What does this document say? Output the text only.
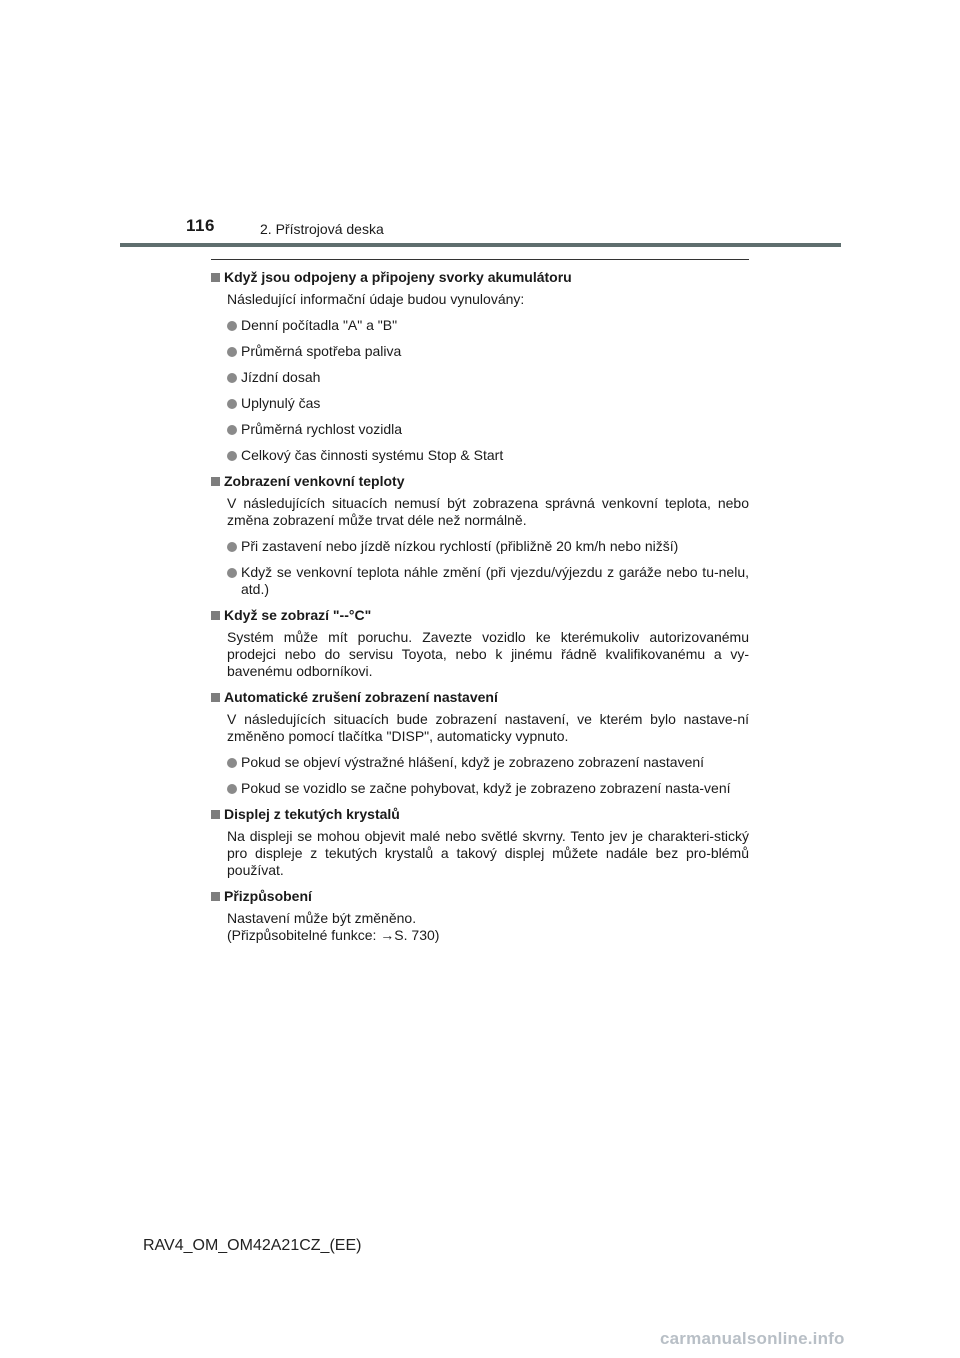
116	2. Přístrojová deska
Když jsou odpojeny a připojeny svorky akumulátoru
Následující informační údaje budou vynulovány:
Denní počítadla "A" a "B"
Průměrná spotřeba paliva
Jízdní dosah
Uplynulý čas
Průměrná rychlost vozidla
Celkový čas činnosti systému Stop & Start
Zobrazení venkovní teploty
V následujících situacích nemusí být zobrazena správná venkovní teplota, nebo změna zobrazení může trvat déle než normálně.
Při zastavení nebo jízdě nízkou rychlostí (přibližně 20 km/h nebo nižší)
Když se venkovní teplota náhle změní (při vjezdu/výjezdu z garáže nebo tu-nelu, atd.)
Když se zobrazí "--°C"
Systém může mít poruchu. Zavezte vozidlo ke kterémukoliv autorizovanému prodejci nebo do servisu Toyota, nebo k jinému řádně kvalifikovanému a vy-bavenému odborníkovi.
Automatické zrušení zobrazení nastavení
V následujících situacích bude zobrazení nastavení, ve kterém bylo nastave-ní změněno pomocí tlačítka "DISP", automaticky vypnuto.
Pokud se objeví výstražné hlášení, když je zobrazeno zobrazení nastavení
Pokud se vozidlo se začne pohybovat, když je zobrazeno zobrazení nasta-vení
Displej z tekutých krystalů
Na displeji se mohou objevit malé nebo světlé skvrny. Tento jev je charakteri-stický pro displeje z tekutých krystalů a takový displej můžete nadále bez pro-blémů používat.
Přizpůsobení
Nastavení může být změněno.
(Přizpůsobitelné funkce: →S. 730)
RAV4_OM_OM42A21CZ_(EE)
carmanualsonline.info
